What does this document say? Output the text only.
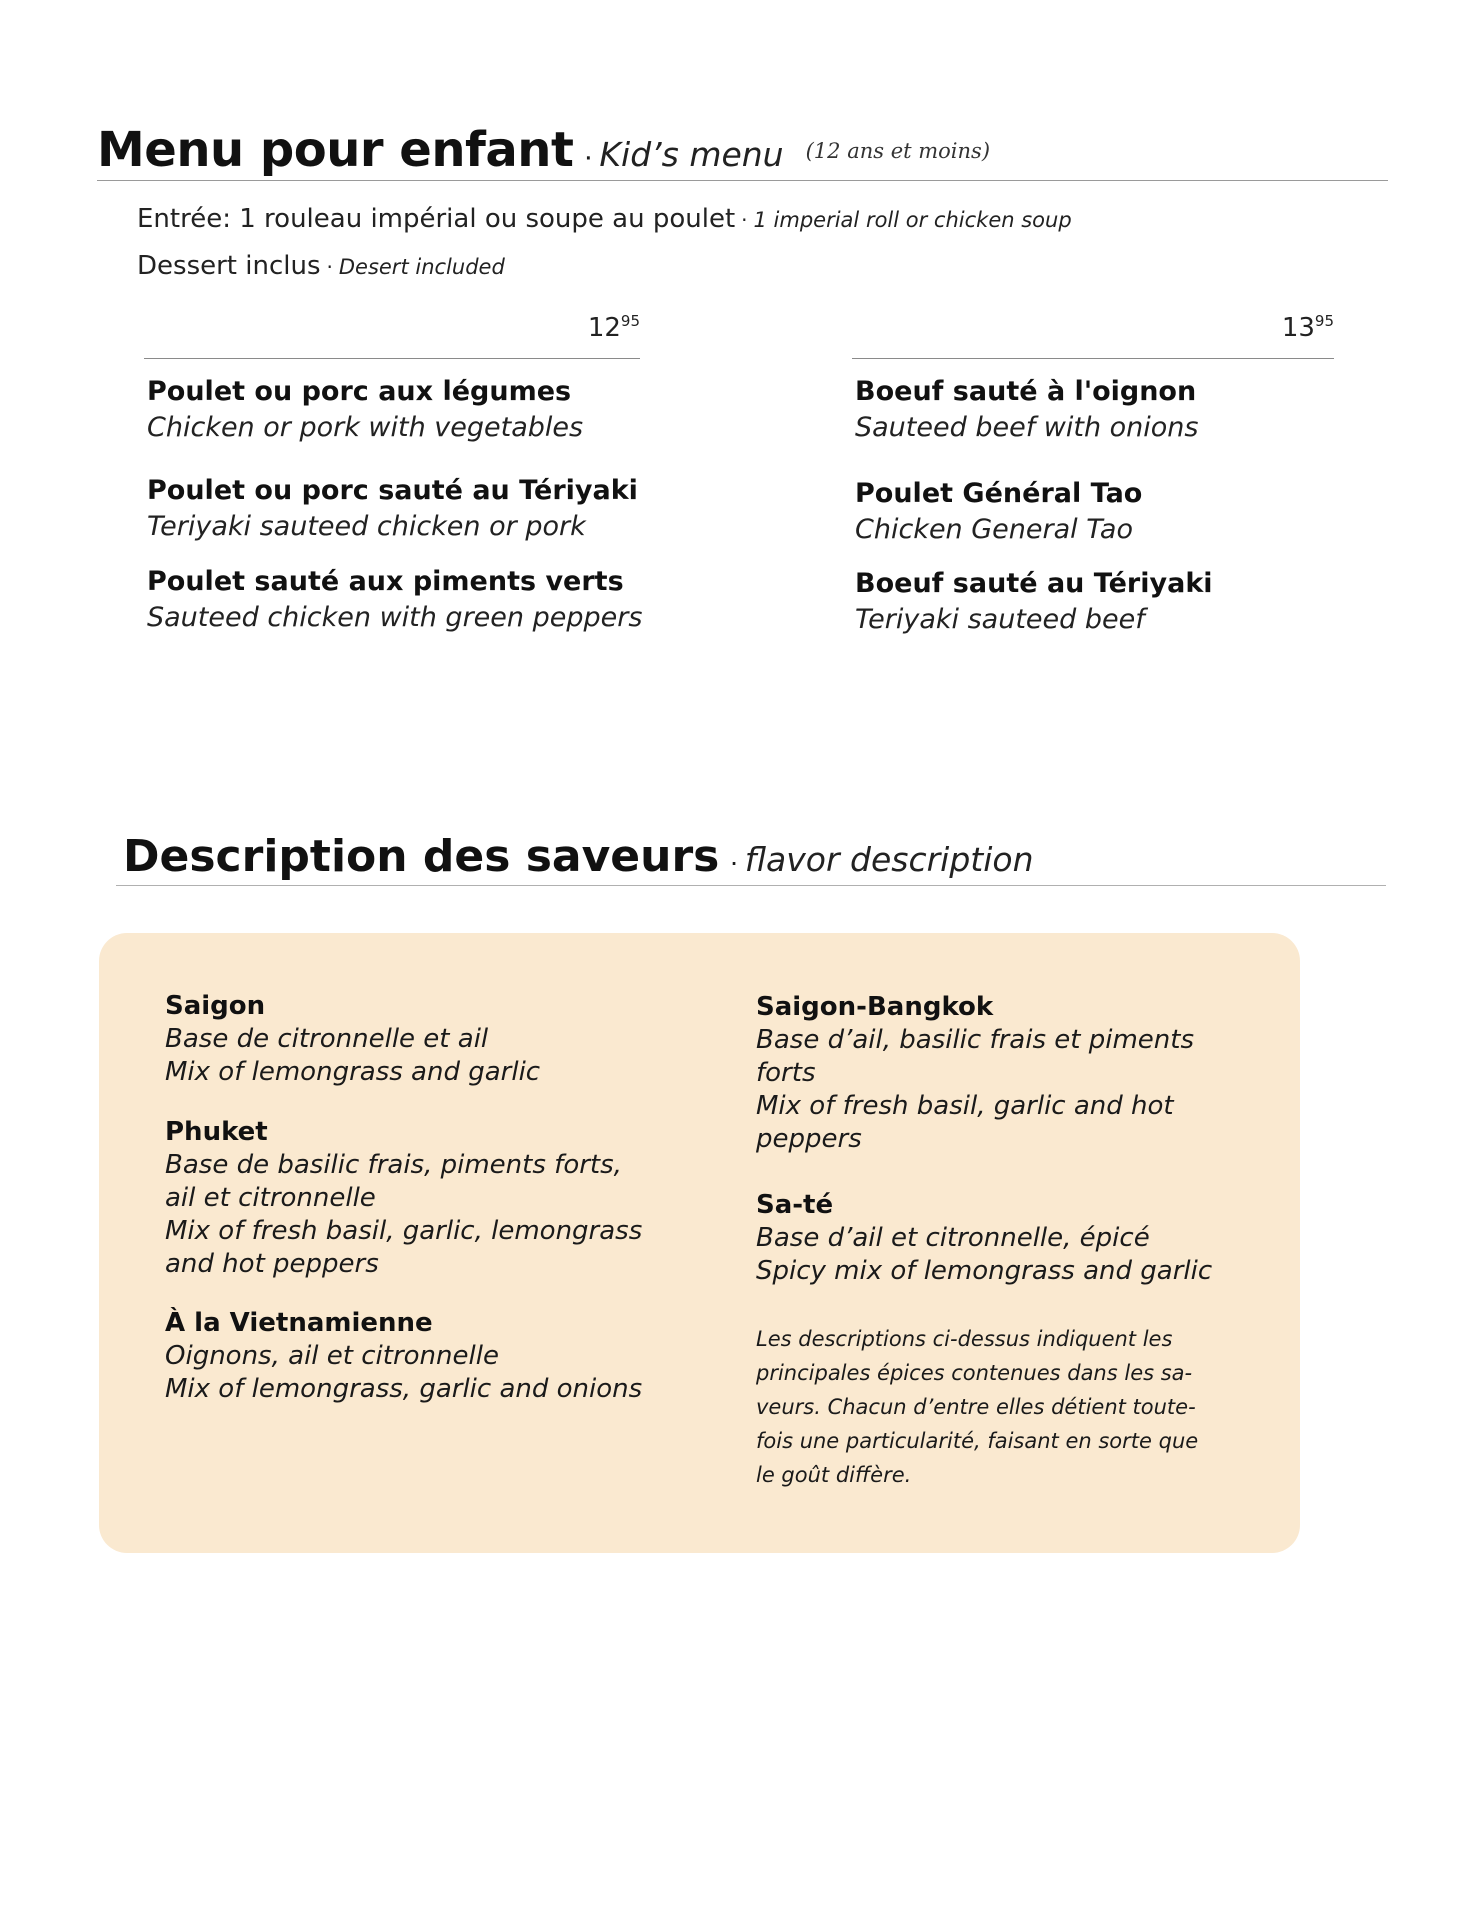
Menu pour enfant · Kid’s menu (12 ans et moins)
Entrée: 1 rouleau impérial ou soupe au poulet · 1 imperial roll or chicken soup
Dessert inclus · Desert included
$12^{95}$
Poulet ou porc aux légumes
Chicken or pork with vegetables
Poulet ou porc sauté au Tériyaki
Teriyaki sauteed chicken or pork
Poulet sauté aux piments verts
Sauteed chicken with green peppers
$13^{95}$
Boeuf sauté à l'oignon
Sauteed beef with onions
Poulet Général Tao
Chicken General Tao
Boeuf sauté au Tériyaki
Teriyaki sauteed beef
Description des saveurs · flavor description
Saigon
Base de citronnelle et ail
Mix of lemongrass and garlic
Phuket
Base de basilic frais, piments forts,
ail et citronnelle
Mix of fresh basil, garlic, lemongrass
and hot peppers
À la Vietnamienne
Oignons, ail et citronnelle
Mix of lemongrass, garlic and onions
Saigon-Bangkok
Base d’ail, basilic frais et piments
forts
Mix of fresh basil, garlic and hot
peppers
Sa-té
Base d’ail et citronnelle, épicé
Spicy mix of lemongrass and garlic
Les descriptions ci-dessus indiquent les
principales épices contenues dans les sa-
veurs. Chacun d’entre elles détient toute-
fois une particularité, faisant en sorte que
le goût diffère.
